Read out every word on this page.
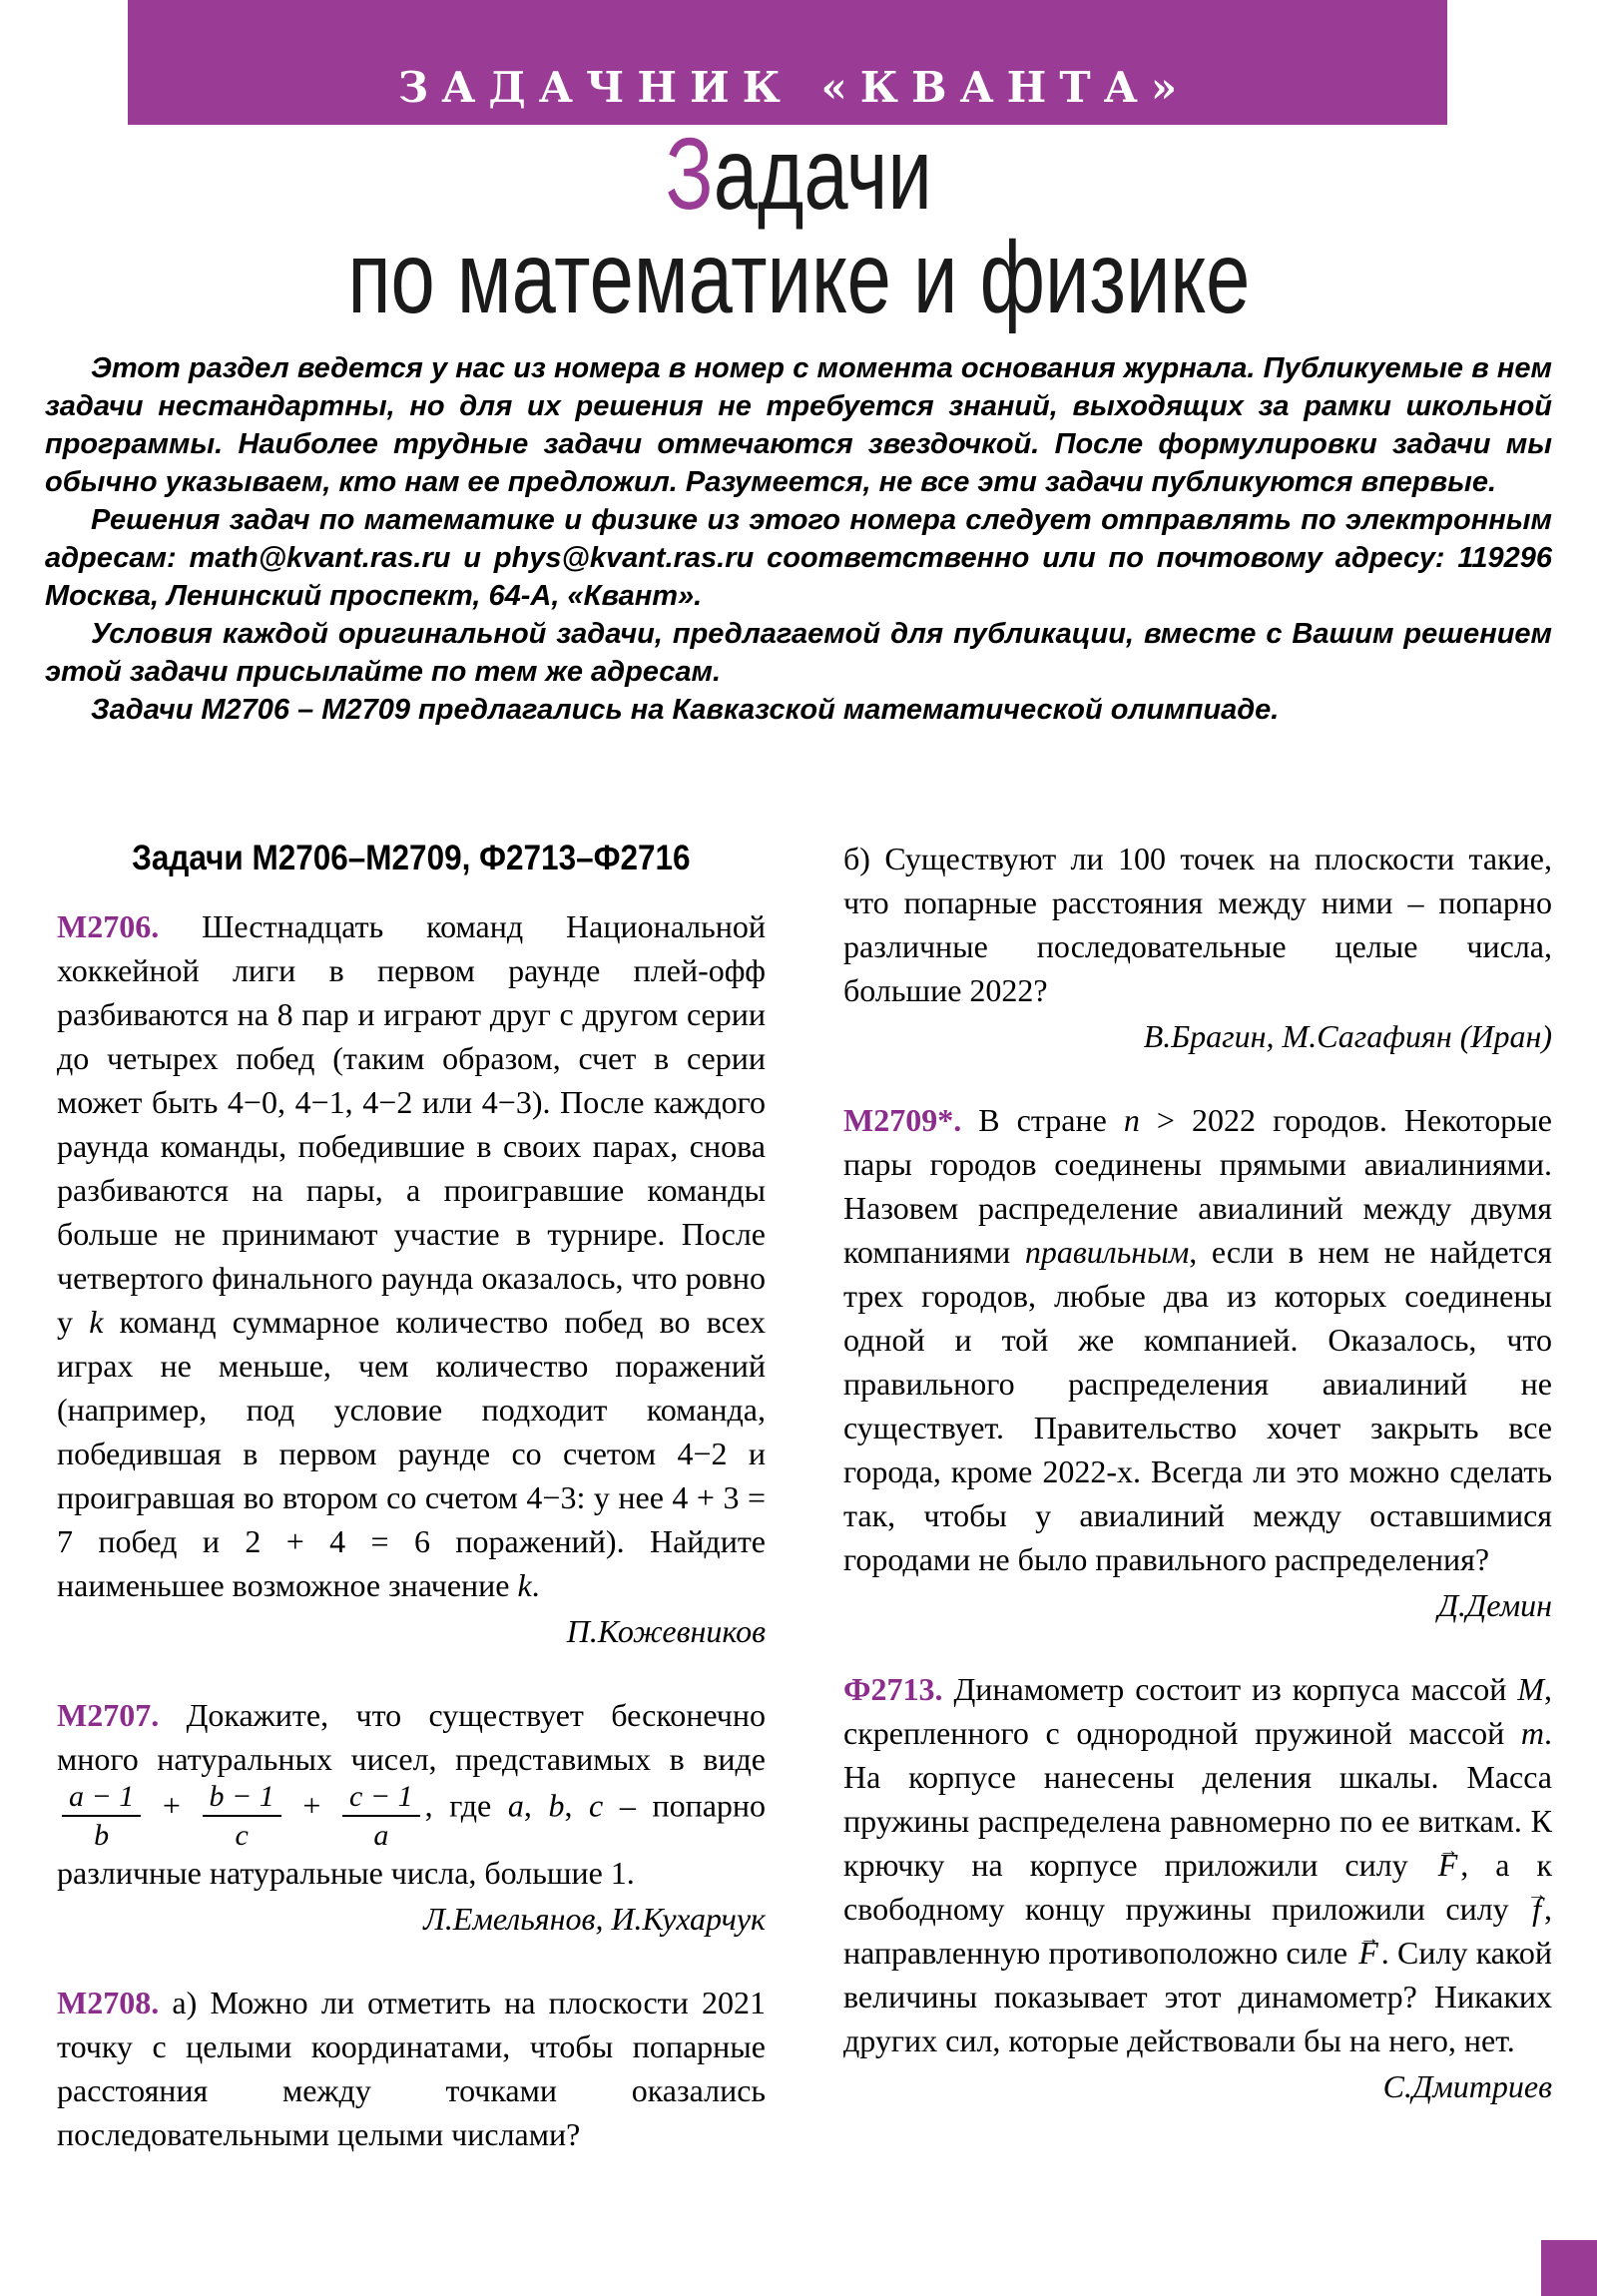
ЗАДАЧНИК «КВАНТА»
Задачи
по математике и физике

Этот раздел ведется у нас из номера в номер с момента основания журнала. Публикуемые в нем задачи нестандартны, но для их решения не требуется знаний, выходящих за рамки школьной программы. Наиболее трудные задачи отмечаются звездочкой. После формулировки задачи мы обычно указываем, кто нам ее предложил. Разумеется, не все эти задачи публикуются впервые.

Решения задач по математике и физике из этого номера следует отправлять по электронным адресам: math@kvant.ras.ru и phys@kvant.ras.ru соответственно или по почтовому адресу: 119296 Москва, Ленинский проспект, 64-А, «Квант».

Условия каждой оригинальной задачи, предлагаемой для публикации, вместе с Вашим решением этой задачи присылайте по тем же адресам.

Задачи М2706 – М2709 предлагались на Кавказской математической олимпиаде.

Задачи М2706–М2709, Ф2713–Ф2716

М2706. Шестнадцать команд Национальной хоккейной лиги в первом раунде плей-офф разбиваются на 8 пар и играют друг с другом серии до четырех побед (таким образом, счет в серии может быть 4−0, 4−1, 4−2 или 4−3). После каждого раунда команды, победившие в своих парах, снова разбиваются на пары, а проигравшие команды больше не принимают участие в турнире. После четвертого финального раунда оказалось, что ровно у k команд суммарное количество побед во всех играх не меньше, чем количество поражений (например, под условие подходит команда, победившая в первом раунде со счетом 4−2 и проигравшая во втором со счетом 4−3: у нее 4 + 3 = 7 побед и 2 + 4 = 6 поражений). Найдите наименьшее возможное значение k.

П.Кожевников

М2707. Докажите, что существует бесконечно много натуральных чисел, представимых в виде
$\frac{a - 1}{b} + \frac{b - 1}{c} + \frac{c - 1}{a}$ , где a, b, c – попарно различные натуральные числа, большие 1.

Л.Емельянов, И.Кухарчук

М2708. а) Можно ли отметить на плоскости 2021 точку с целыми координатами, чтобы попарные расстояния между точками оказались последовательными целыми числами?

б) Существуют ли 100 точек на плоскости такие, что попарные расстояния между ними – попарно различные последовательные целые числа, большие 2022?

В.Брагин, М.Сагафиян (Иран)

М2709*. В стране n > 2022 городов. Некоторые пары городов соединены прямыми авиалиниями. Назовем распределение авиалиний между двумя компаниями правильным, если в нем не найдется трех городов, любые два из которых соединены одной и той же компанией. Оказалось, что правильного распределения авиалиний не существует. Правительство хочет закрыть все города, кроме 2022-х. Всегда ли это можно сделать так, чтобы у авиалиний между оставшимися городами не было правильного распределения?

Д.Демин

Ф2713. Динамометр состоит из корпуса массой M, скрепленного с однородной пружиной массой m. На корпусе нанесены деления шкалы. Масса пружины распределена равномерно по ее виткам. К крючку на корпусе приложили силу → F, а к свободному концу пружины приложили силу → f, направленную противоположно силе → F. Силу какой величины показывает этот динамометр? Никаких других сил, которые действовали бы на него, нет.

С.Дмитриев
